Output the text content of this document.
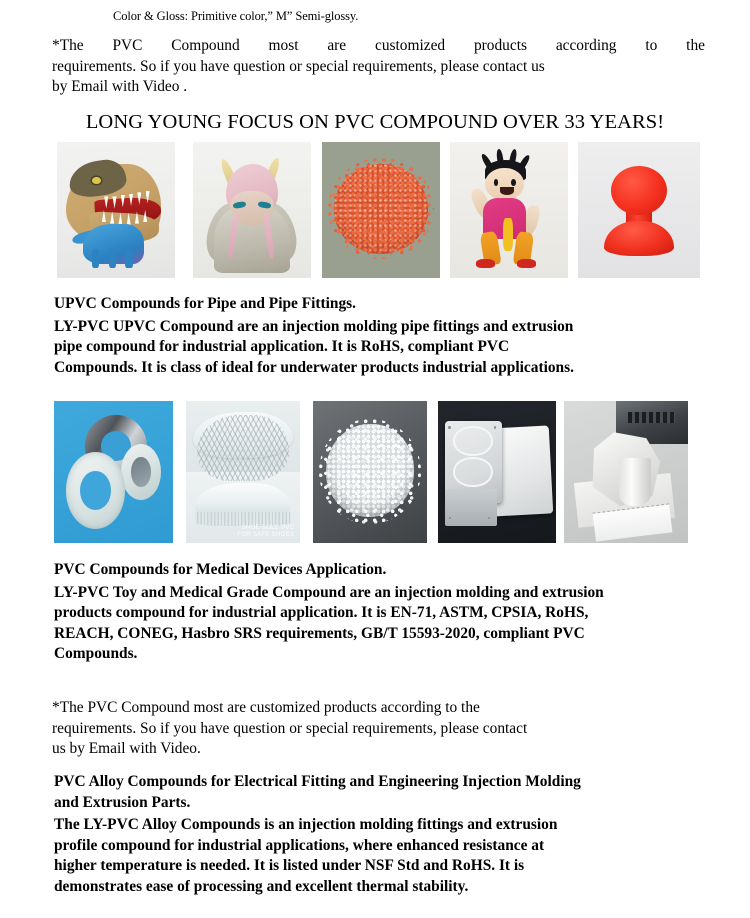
Color & Gloss: Primitive color,” M” Semi-glossy.
*The PVC Compound most are customized products according to the
requirements. So if you have question or special requirements, please contact us
by Email with Video .
LONG YOUNG FOCUS ON PVC COMPOUND OVER 33 YEARS!
UPVC Compounds for Pipe and Pipe Fittings.
LY-PVC UPVC Compound are an injection molding pipe fittings and extrusion
pipe compound for industrial application. It is RoHS, compliant PVC
Compounds. It is class of ideal for underwater products industrial applications.
SHOE SOLE PVC
FOR SAFE SHOES
PVC Compounds for Medical Devices Application.
LY-PVC Toy and Medical Grade Compound are an injection molding and extrusion
products compound for industrial application. It is EN-71, ASTM, CPSIA, RoHS,
REACH, CONEG, Hasbro SRS requirements, GB/T 15593-2020, compliant PVC
Compounds.
*The PVC Compound most are customized products according to the
requirements. So if you have question or special requirements, please contact
us by Email with Video.
PVC Alloy Compounds for Electrical Fitting and Engineering Injection Molding
and Extrusion Parts.
The LY-PVC Alloy Compounds is an injection molding fittings and extrusion
profile compound for industrial applications, where enhanced resistance at
higher temperature is needed. It is listed under NSF Std and RoHS. It is
demonstrates ease of processing and excellent thermal stability.
